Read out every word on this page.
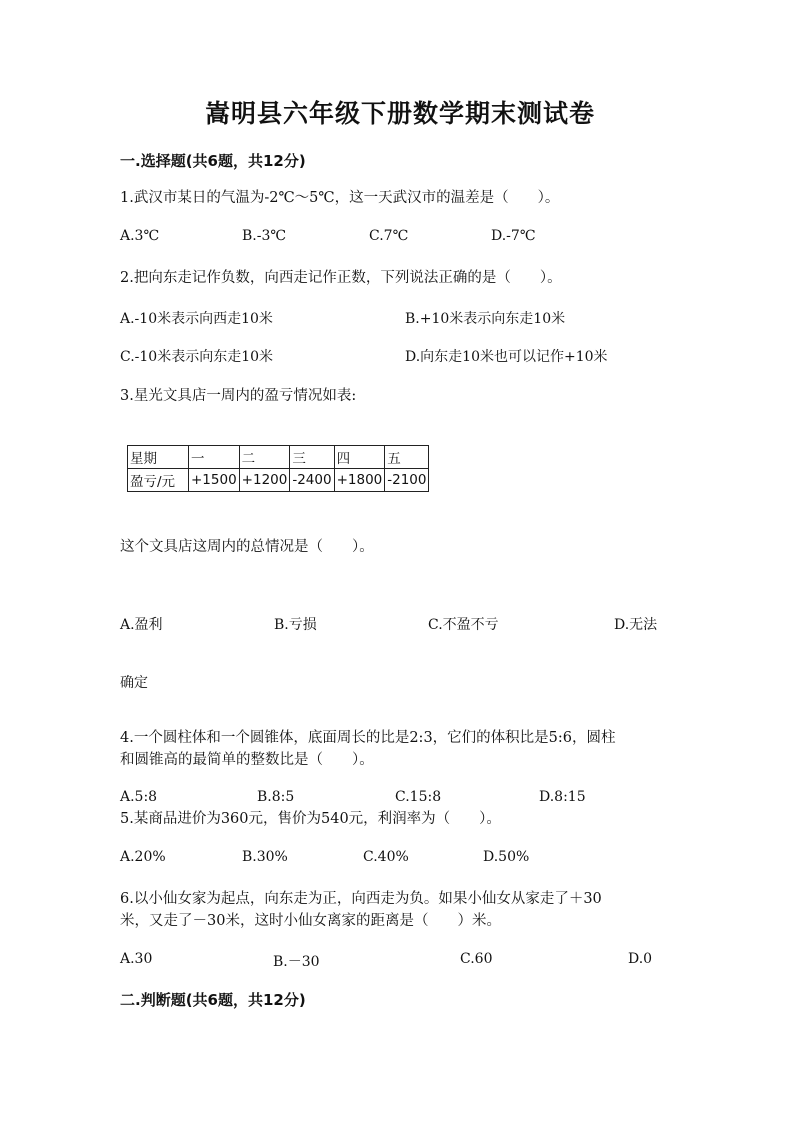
嵩明县六年级下册数学期末测试卷
一.选择题(共6题，共12分)
1.武汉市某日的气温为-2℃～5℃，这一天武汉市的温差是（　　）。
A.3℃	B.-3℃	C.7℃	D.-7℃
2.把向东走记作负数，向西走记作正数，下列说法正确的是（　　）。
A.-10米表示向西走10米	B.+10米表示向东走10米
C.-10米表示向东走10米	D.向东走10米也可以记作+10米
3.星光文具店一周内的盈亏情况如表:
星期	一	二	三	四	五
盈亏/元	+1500	+1200	-2400	+1800	-2100
这个文具店这周内的总情况是（　　）。
A.盈利	B.亏损	C.不盈不亏	D.无法
确定
4.一个圆柱体和一个圆锥体，底面周长的比是2:3，它们的体积比是5:6，圆柱
和圆锥高的最简单的整数比是（　　）。
A.5:8	B.8:5	C.15:8	D.8:15
5.某商品进价为360元，售价为540元，利润率为（　　）。
A.20%	B.30%	C.40%	D.50%
6.以小仙女家为起点，向东走为正，向西走为负。如果小仙女从家走了＋30
米，又走了－30米，这时小仙女离家的距离是（　　）米。
A.30	B.－30	C.60	D.0
二.判断题(共6题，共12分)
